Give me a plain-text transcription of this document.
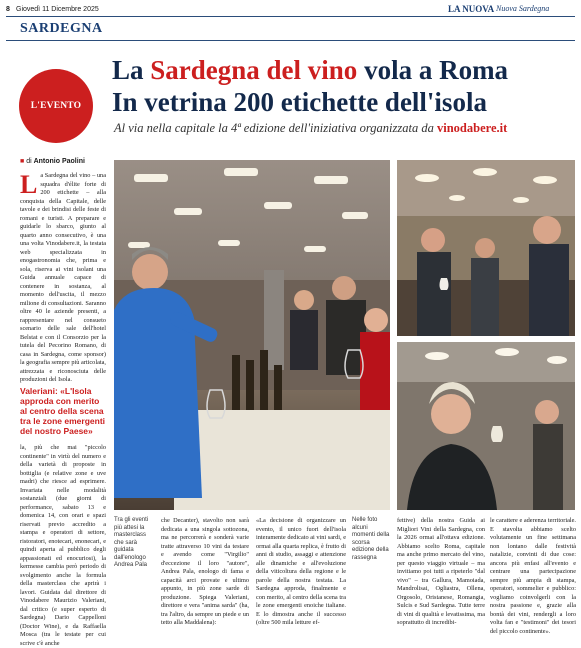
8 Giovedì 11 Dicembre 2025	LA NUOVA Nuova Sardegna
SARDEGNA
L'EVENTO
La Sardegna del vino vola a Roma
In vetrina 200 etichette dell'isola
Al via nella capitale la 4ª edizione dell'iniziativa organizzata da vinodabere.it
■ di Antonio Paolini
La Sardegna del vino – una squadra d'élite forte di 200 etichette – alla conquista della Capitale, delle tavole e dei brindisi delle feste di romani e turisti. A preparare e guidarle lo sbarco, giunto al quarto anno consecutivo, è una una volta Vinodabere.it, la testata web specializzata in enogastronomia che, prima e sola, riserva ai vini isolani una Guida annuale capace di contenere in sostanza, al momento dell'uscita, il mezzo milione di consultazioni. Saranno oltre 40 le aziende presenti, a rappresentare nel consueto scenario delle sale dell'hotel Belstat e con il Consorzio per la tutela del Pecorino Romano, di casa in Sardegna, come sponsor) la geografia sempre più articolata, attrezzata e riconosciuta delle produzioni del Isola.
Valeriani: «L'Isola approda con merito al centro della scena tra le zone emergenti del nostro Paese»
la, più che mai "piccolo continente" in virtù del numero e della varietà di proposte in bottiglia (e relative zone e uve madri) che riesce ad esprimere. Invariata nelle modalità sostanziali (due giorni di performance, sabato 13 e domenica 14, con orari e spazi riservati previo accredito a stampa e operatori di settore, ristoratori, enotecari, enonecari, e quindi aperta al pubblico degli appassionati ed enocuriosi), la kermesse cambia però periodo di svolgimento anche la formula della masterclass che aprirà i lavori. Guidata dal direttore di Vinodabere Maurizio Valeriani, dal critico (e super esperto di Sardegna) Dario Cappelloni (Doctor Wine), e da Raffaella Mosca (tra le testate per cui scrive c'è anche
Tra gli eventi più attesi la masterclass che sarà guidata dall'enologo Andrea Pala
che Decanter), stavolto non sarà dedicata a una singola sottozona, ma ne percorrerà e sonderà varie tratte attraverso 10 vini da testare e avendo come "Virgilio" d'eccezione il loro "autore", Andrea Pala, enologo di fama e capacità arci provate e ultimo appunto, in più zone sarde di produzione. Spiega Valeriani, direttore e vera "anima sarda" (ha, tra l'altro, da sempre un piede e un tetto alla Maddalena):
«La decisione di organizzare un evento, il unico fuori dell'isola interamente dedicato ai vini sardi, e ormai alla quarta replica, è frutto di anni di studio, assaggi e attenzione alle dinamiche e all'evoluzione della viticoltura della regione e le parole della nostra testata. La Sardegna approda, finalmente e con merito, al centro della scena tra le zone emergenti enoiche italiane. E lo dimostra anche il successo (oltre 500 mila letture ef-
Nelle foto alcuni momenti della scorsa edizione della rassegna
fettive) della nostra Guida ai Migliori Vini della Sardegna, con la 2026 ormai all'ottava edizione. Abbiamo scelto Roma, capitale ma anche primo mercato del vino, per questo viaggio virtuale – ma invitiamo poi tutti a ripeterlo "dal vivo" – tra Gallura, Mamoiada, Mandrolisai, Ogliastra, Ollena, Orgosolo, Oristanese, Romangia, Sulcis e Sud Sardegna. Tutte terre di vini di qualità e levatissima, ma soprattutto di incredibi-
le carattere e aderenza territoriale. E stavolta abbiamo scelto volutamente un fine settimana non lontano dalle festività natalizie, convinti di due cose: ancora più enfasi all'evento e centrare una partecipazione sempre più ampia di stampa, operatori, sommelier e pubblico: vogliamo coinvolgerli con la nostra passione e, grazie alla bontà dei vini, rendergli a loro volta fan e "testimoni" dei tesori del piccolo continente».
